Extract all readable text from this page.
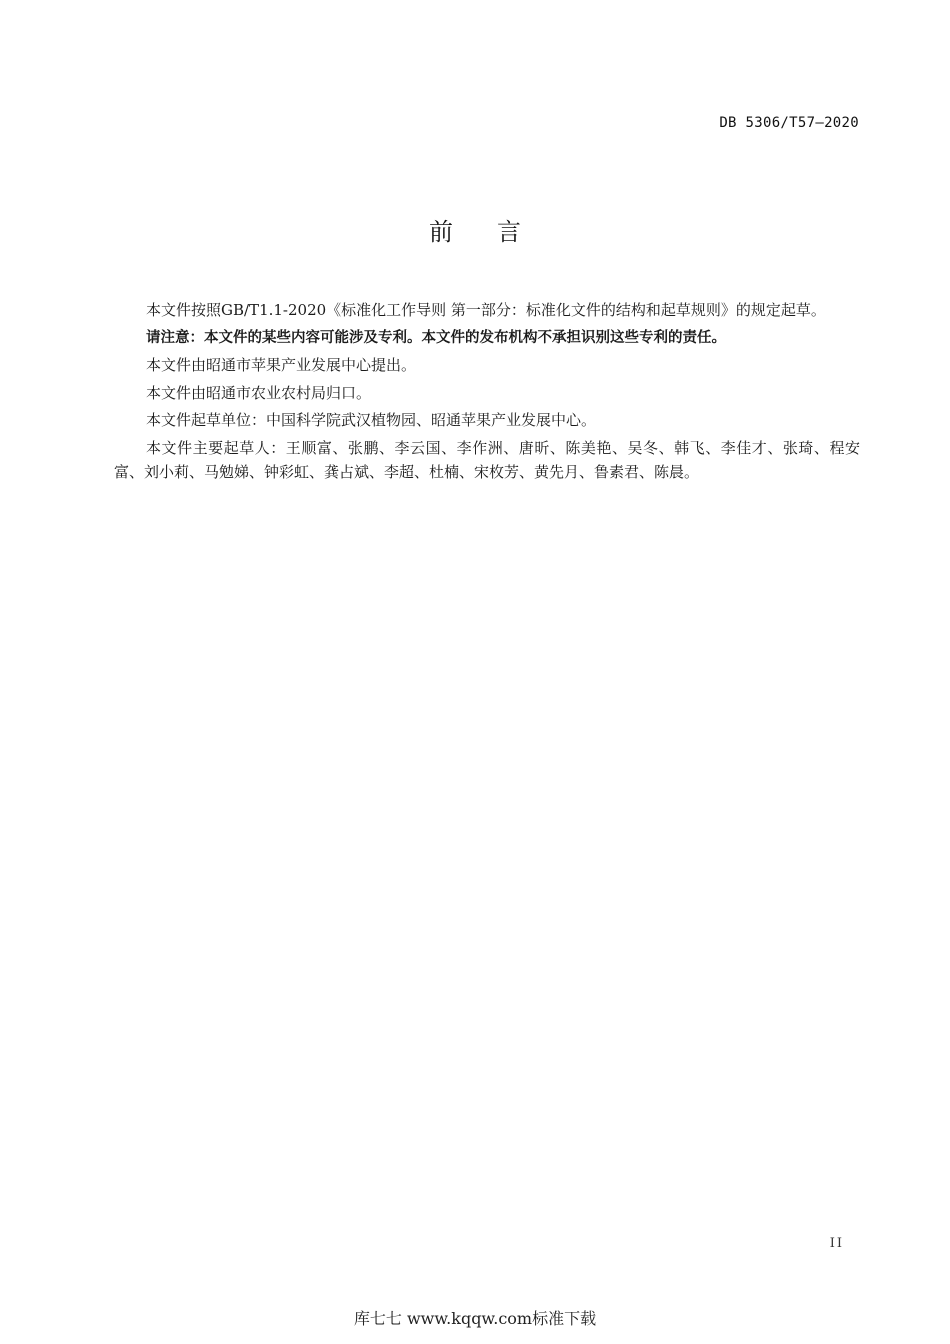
DB 5306/T57—2020
前言

本文件按照GB/T1.1-2020《标准化工作导则 第一部分：标准化文件的结构和起草规则》的规定起草。

请注意：本文件的某些内容可能涉及专利。本文件的发布机构不承担识别这些专利的责任。

本文件由昭通市苹果产业发展中心提出。

本文件由昭通市农业农村局归口。

本文件起草单位：中国科学院武汉植物园、昭通苹果产业发展中心。

本文件主要起草人：王顺富、张鹏、李云国、李作洲、唐昕、陈美艳、吴冬、韩飞、李佳才、张琦、程安富、刘小莉、马勉娣、钟彩虹、龚占斌、李超、杜楠、宋枚芳、黄先月、鲁素君、陈晨。

II
库七七 www.kqqw.com标准下载
